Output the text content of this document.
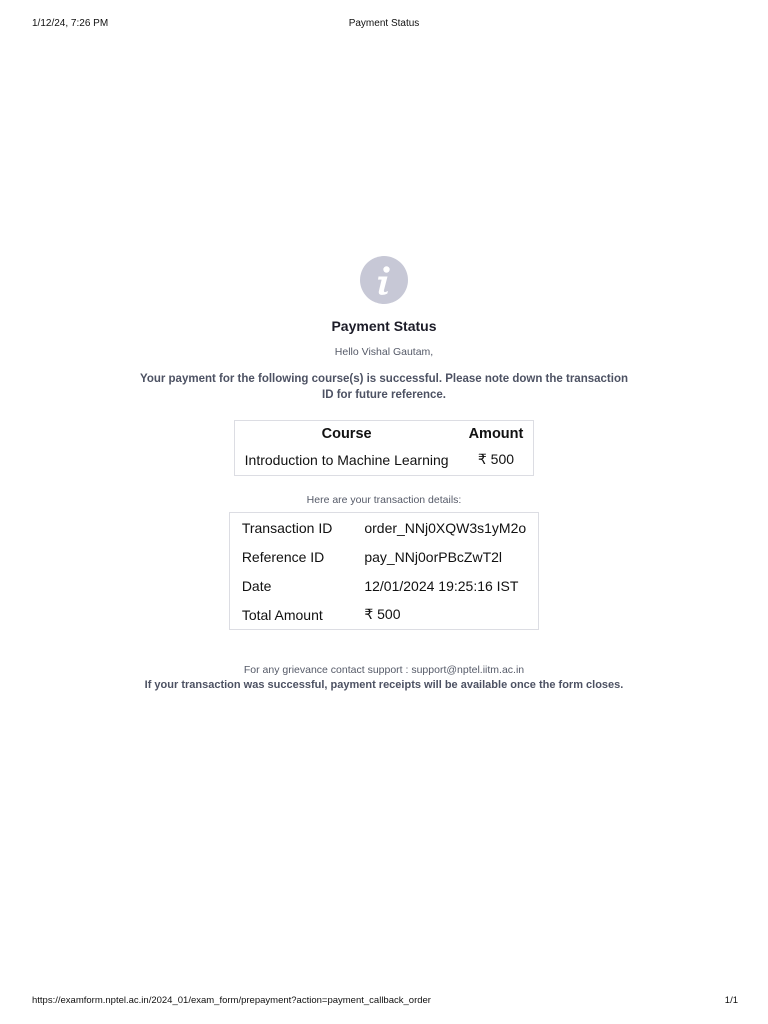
1/12/24, 7:26 PM	Payment Status
Payment Status
Hello Vishal Gautam,
Your payment for the following course(s) is successful. Please note down the transaction ID for future reference.
Course	Amount
Introduction to Machine Learning	₹ 500
Here are your transaction details:
Transaction ID	order_NNj0XQW3s1yM2o
Reference ID	pay_NNj0orPBcZwT2l
Date	12/01/2024 19:25:16 IST
Total Amount	₹ 500
For any grievance contact support : support@nptel.iitm.ac.in
If your transaction was successful, payment receipts will be available once the form closes.
https://examform.nptel.ac.in/2024_01/exam_form/prepayment?action=payment_callback_order	1/1
